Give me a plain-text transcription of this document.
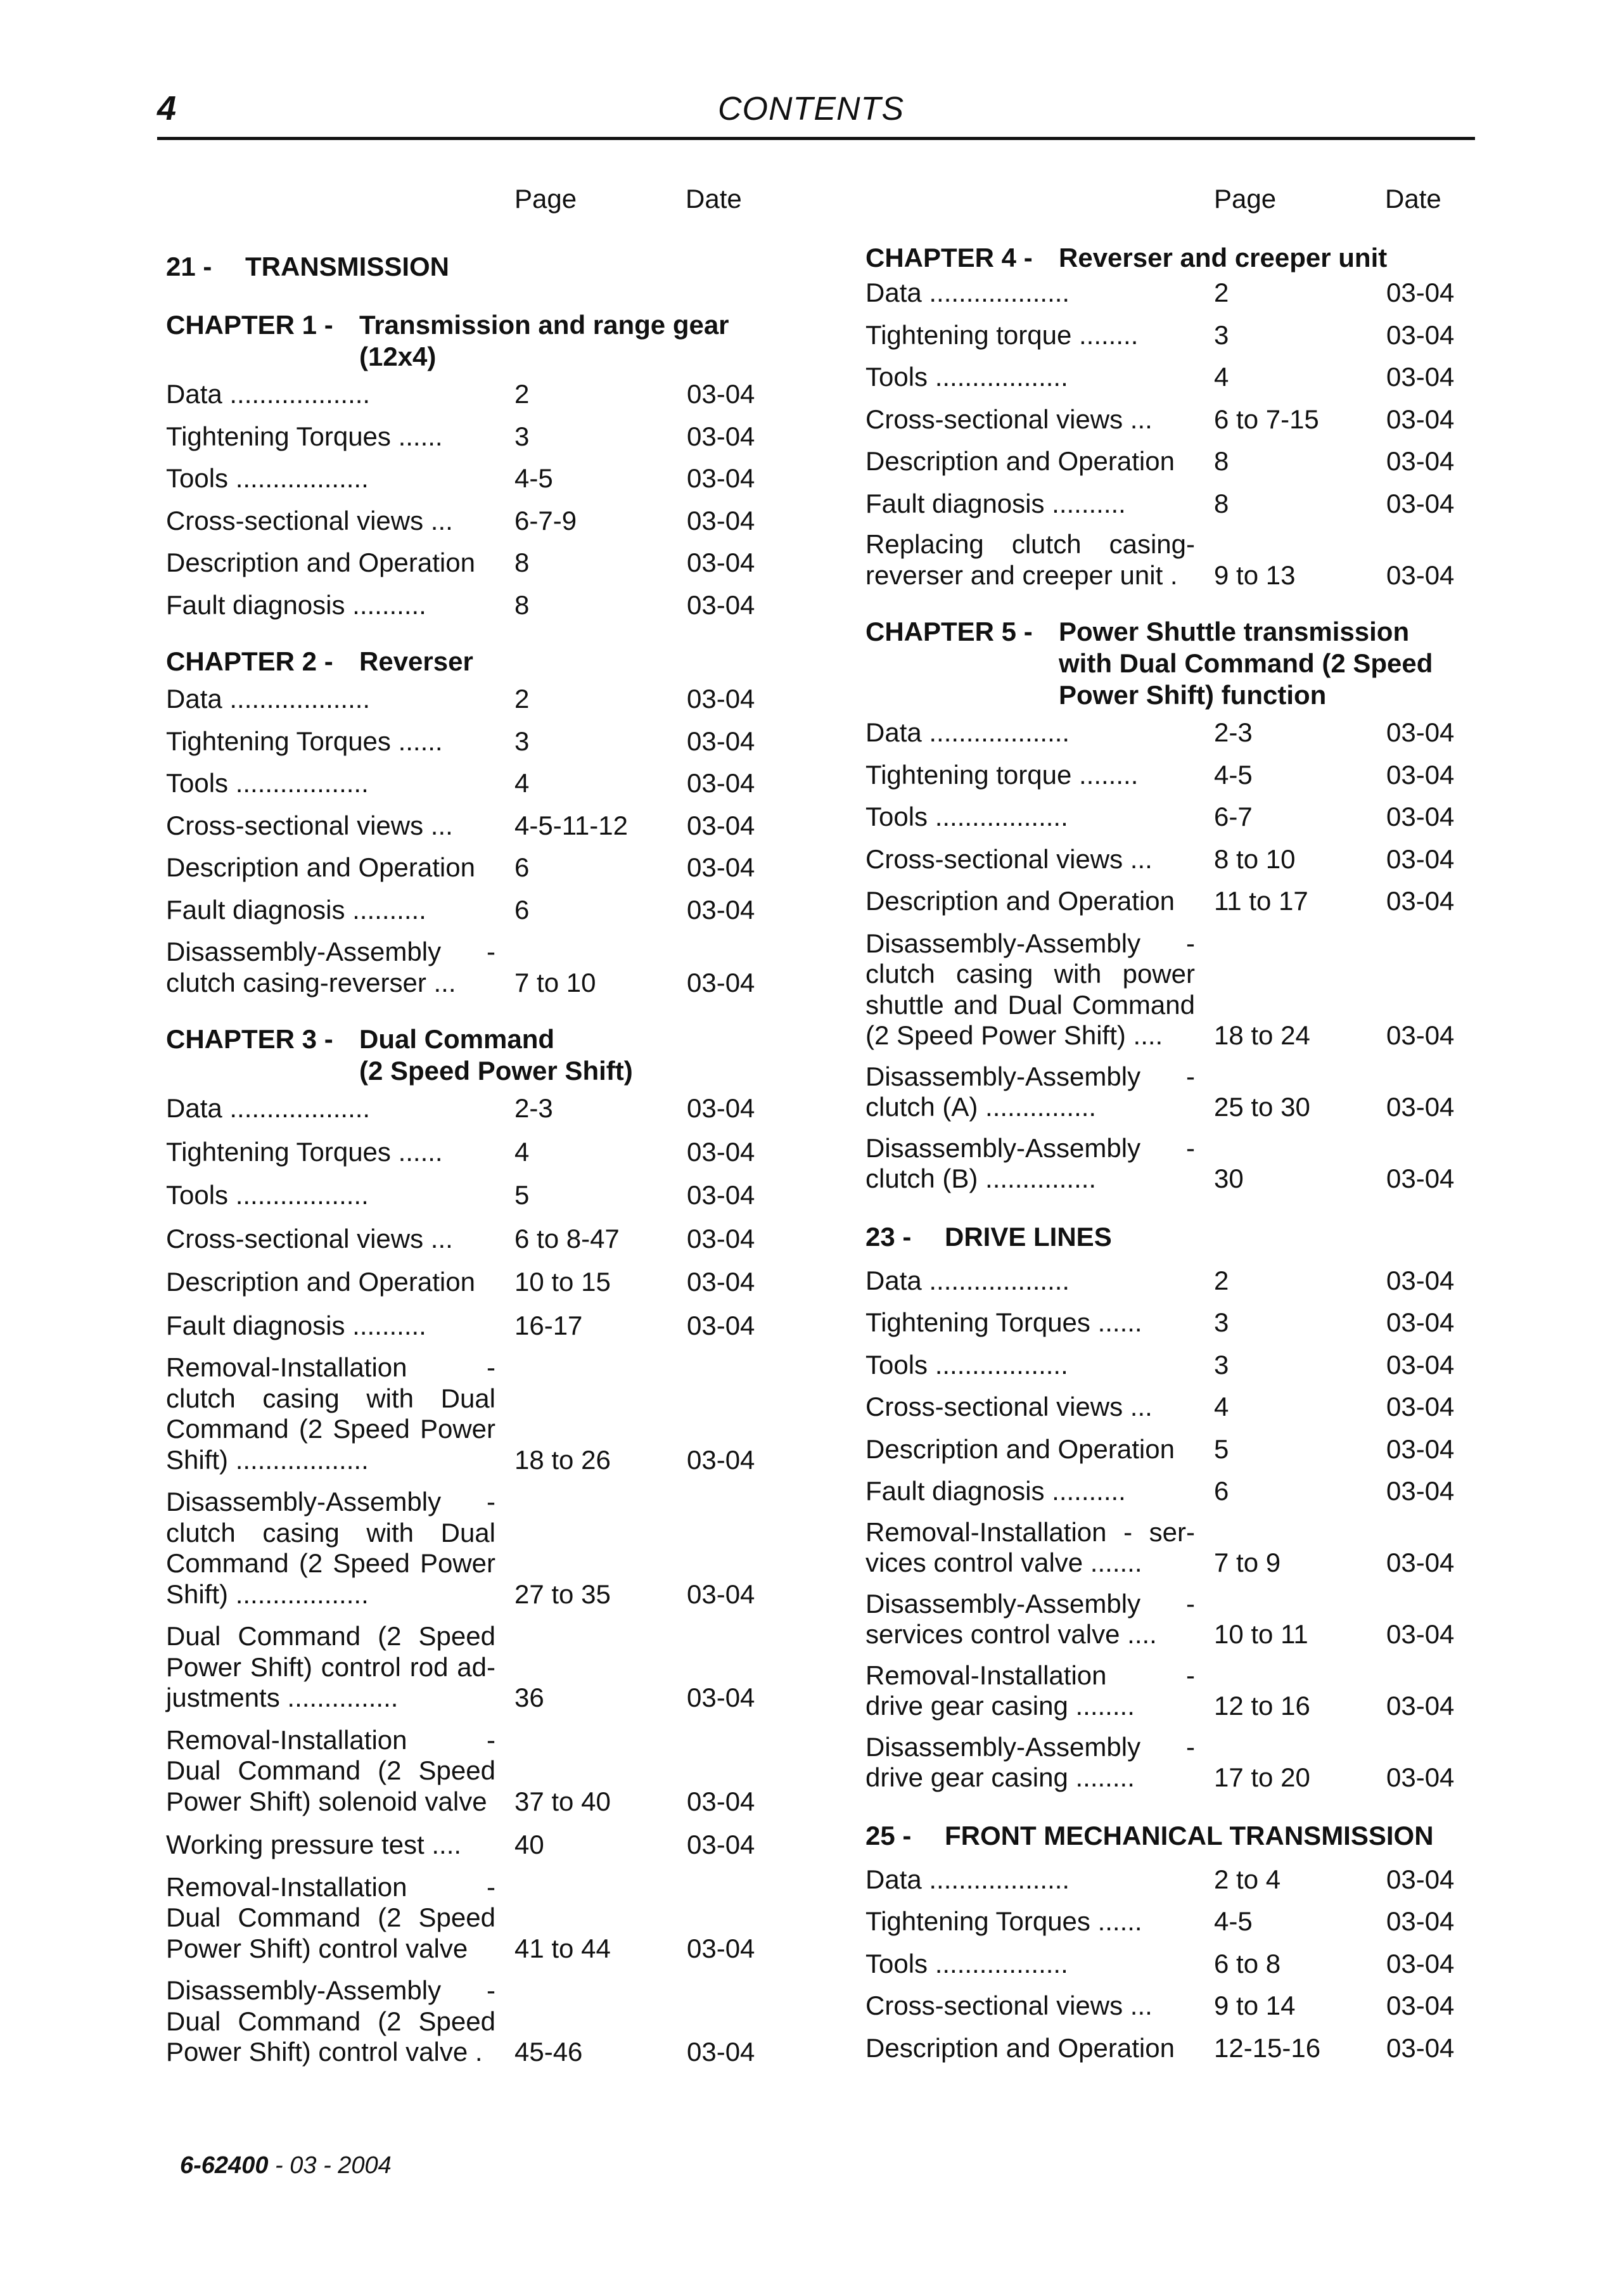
4	CONTENTS
Page	Date
21 - TRANSMISSION
CHAPTER 1 - Transmission and range gear
(12x4)
Data ...................	2	03-04
Tightening Torques ......	3	03-04
Tools ..................	4-5	03-04
Cross-sectional views ...	6-7-9	03-04
Description and Operation	8	03-04
Fault diagnosis ..........	8	03-04
CHAPTER 2 - Reverser
Data ...................	2	03-04
Tightening Torques ......	3	03-04
Tools ..................	4	03-04
Cross-sectional views ...	4-5-11-12 03-04
Description and Operation	6	03-04
Fault diagnosis ..........	6	03-04
Disassembly-Assembly -
clutch casing-reverser ...	7 to 10	03-04
CHAPTER 3 - Dual Command
(2 Speed Power Shift)
Data ...................	2-3	03-04
Tightening Torques ......	4	03-04
Tools ..................	5	03-04
Cross-sectional views ...	6 to 8-47	03-04
Description and Operation	10 to 15	03-04
Fault diagnosis ..........	16-17	03-04
Removal-Installation -
clutch casing with Dual
Command (2 Speed Power
Shift) ..................	18 to 26	03-04
Disassembly-Assembly -
clutch casing with Dual
Command (2 Speed Power
Shift) ..................	27 to 35	03-04
Dual Command (2 Speed
Power Shift) control rod ad-
justments ...............	36	03-04
Removal-Installation -
Dual Command (2 Speed
Power Shift) solenoid valve	37 to 40	03-04
Working pressure test ....	40	03-04
Removal-Installation -
Dual Command (2 Speed
Power Shift) control valve	41 to 44	03-04
Disassembly-Assembly -
Dual Command (2 Speed
Power Shift) control valve .	45-46	03-04
Page	Date
CHAPTER 4 - Reverser and creeper unit
Data ...................	2	03-04
Tightening torque ........	3	03-04
Tools ..................	4	03-04
Cross-sectional views ...	6 to 7-15	03-04
Description and Operation	8	03-04
Fault diagnosis ..........	8	03-04
Replacing clutch casing-
reverser and creeper unit .	9 to 13	03-04
CHAPTER 5 - Power Shuttle transmission
with Dual Command (2 Speed
Power Shift) function
Data ...................	2-3	03-04
Tightening torque ........	4-5	03-04
Tools ..................	6-7	03-04
Cross-sectional views ...	8 to 10	03-04
Description and Operation	11 to 17	03-04
Disassembly-Assembly -
clutch casing with power
shuttle and Dual Command
(2 Speed Power Shift) ....	18 to 24	03-04
Disassembly-Assembly -
clutch (A) ...............	25 to 30	03-04
Disassembly-Assembly -
clutch (B) ...............	30	03-04
23 - DRIVE LINES
Data ...................	2	03-04
Tightening Torques ......	3	03-04
Tools ..................	3	03-04
Cross-sectional views ...	4	03-04
Description and Operation	5	03-04
Fault diagnosis ..........	6	03-04
Removal-Installation - ser-
vices control valve .......	7 to 9	03-04
Disassembly-Assembly -
services control valve ....	10 to 11	03-04
Removal-Installation -
drive gear casing ........	12 to 16	03-04
Disassembly-Assembly -
drive gear casing ........	17 to 20	03-04
25 - FRONT MECHANICAL TRANSMISSION
Data ...................	2 to 4	03-04
Tightening Torques ......	4-5	03-04
Tools ..................	6 to 8	03-04
Cross-sectional views ...	9 to 14	03-04
Description and Operation	12-15-16 03-04
6-62400 - 03 - 2004
